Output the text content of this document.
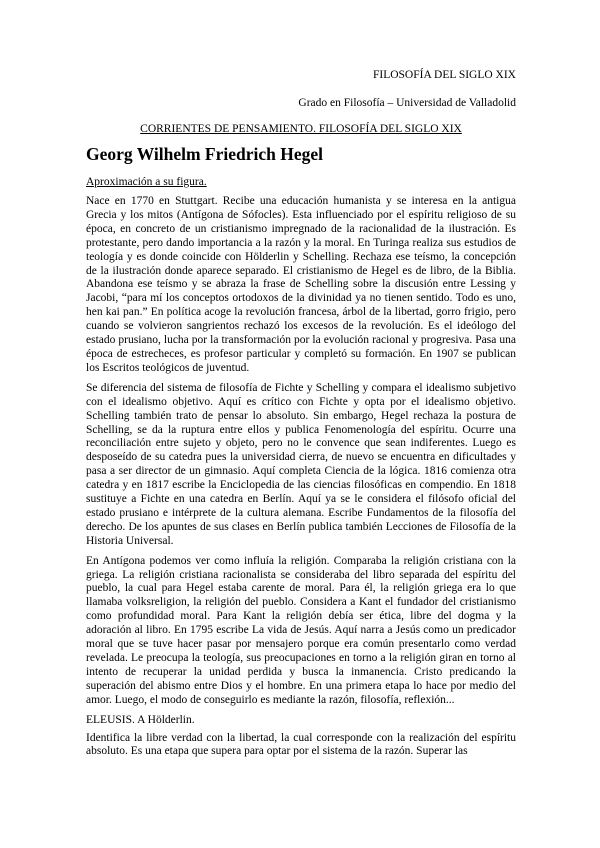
FILOSOFÍA DEL SIGLO XIX
Grado en Filosofía – Universidad de Valladolid
CORRIENTES DE PENSAMIENTO. FILOSOFÍA DEL SIGLO XIX
Georg Wilhelm Friedrich Hegel
Aproximación a su figura.

Nace en 1770 en Stuttgart. Recibe una educación humanista y se interesa en la antigua Grecia y los mitos (Antígona de Sófocles). Esta influenciado por el espíritu religioso de su época, en concreto de un cristianismo impregnado de la racionalidad de la ilustración. Es protestante, pero dando importancia a la razón y la moral. En Turinga realiza sus estudios de teología y es donde coincide con Hölderlin y Schelling. Rechaza ese teísmo, la concepción de la ilustración donde aparece separado. El cristianismo de Hegel es de libro, de la Biblia. Abandona ese teísmo y se abraza la frase de Schelling sobre la discusión entre Lessing y Jacobi, “para mí los conceptos ortodoxos de la divinidad ya no tienen sentido. Todo es uno, hen kai pan.” En política acoge la revolución francesa, árbol de la libertad, gorro frigio, pero cuando se volvieron sangrientos rechazó los excesos de la revolución. Es el ideólogo del estado prusiano, lucha por la transformación por la evolución racional y progresiva. Pasa una época de estrecheces, es profesor particular y completó su formación. En 1907 se publican los Escritos teológicos de juventud.

Se diferencia del sistema de filosofía de Fichte y Schelling y compara el idealismo subjetivo con el idealismo objetivo. Aquí es crítico con Fichte y opta por el idealismo objetivo. Schelling también trato de pensar lo absoluto. Sin embargo, Hegel rechaza la postura de Schelling, se da la ruptura entre ellos y publica Fenomenología del espíritu. Ocurre una reconciliación entre sujeto y objeto, pero no le convence que sean indiferentes. Luego es desposeído de su catedra pues la universidad cierra, de nuevo se encuentra en dificultades y pasa a ser director de un gimnasio. Aquí completa Ciencia de la lógica. 1816 comienza otra catedra y en 1817 escribe la Enciclopedia de las ciencias filosóficas en compendio. En 1818 sustituye a Fichte en una catedra en Berlín. Aquí ya se le considera el filósofo oficial del estado prusiano e intérprete de la cultura alemana. Escribe Fundamentos de la filosofía del derecho. De los apuntes de sus clases en Berlín publica también Lecciones de Filosofía de la Historia Universal.

En Antígona podemos ver como influía la religión. Comparaba la religión cristiana con la griega. La religión cristiana racionalista se consideraba del libro separada del espíritu del pueblo, la cual para Hegel estaba carente de moral. Para él, la religión griega era lo que llamaba volksreligion, la religión del pueblo. Considera a Kant el fundador del cristianismo como profundidad moral. Para Kant la religión debía ser ética, libre del dogma y la adoración al libro. En 1795 escribe La vida de Jesús. Aquí narra a Jesús como un predicador moral que se tuve hacer pasar por mensajero porque era común presentarlo como verdad revelada. Le preocupa la teología, sus preocupaciones en torno a la religión giran en torno al intento de recuperar la unidad perdida y busca la inmanencia. Cristo predicando la superación del abismo entre Dios y el hombre. En una primera etapa lo hace por medio del amor. Luego, el modo de conseguirlo es mediante la razón, filosofía, reflexión...

ELEUSIS. A Hölderlin.

Identifica la libre verdad con la libertad, la cual corresponde con la realización del espíritu absoluto. Es una etapa que supera para optar por el sistema de la razón. Superar las
